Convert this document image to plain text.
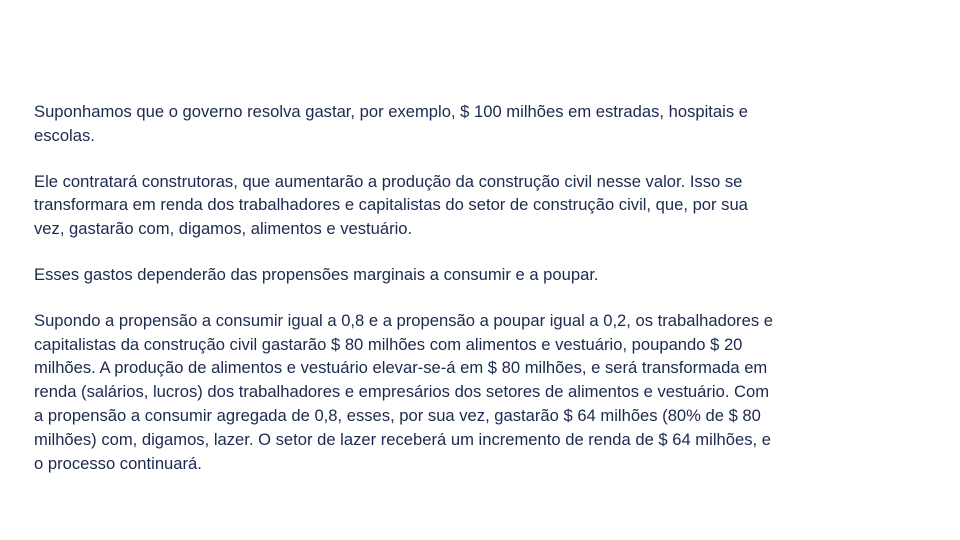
Suponhamos que o governo resolva gastar, por exemplo, $ 100 milhões em estradas, hospitais e
escolas.

Ele contratará construtoras, que aumentarão a produção da construção civil nesse valor. Isso se
transformara em renda dos trabalhadores e capitalistas do setor de construção civil, que, por sua
vez, gastarão com, digamos, alimentos e vestuário.

Esses gastos dependerão das propensões marginais a consumir e a poupar.

Supondo a propensão a consumir igual a 0,8 e a propensão a poupar igual a 0,2, os trabalhadores e
capitalistas da construção civil gastarão $ 80 milhões com alimentos e vestuário, poupando $ 20
milhões. A produção de alimentos e vestuário elevar-se-á em $ 80 milhões, e será transformada em
renda (salários, lucros) dos trabalhadores e empresários dos setores de alimentos e vestuário. Com
a propensão a consumir agregada de 0,8, esses, por sua vez, gastarão $ 64 milhões (80% de $ 80
milhões) com, digamos, lazer. O setor de lazer receberá um incremento de renda de $ 64 milhões, e
o processo continuará.
